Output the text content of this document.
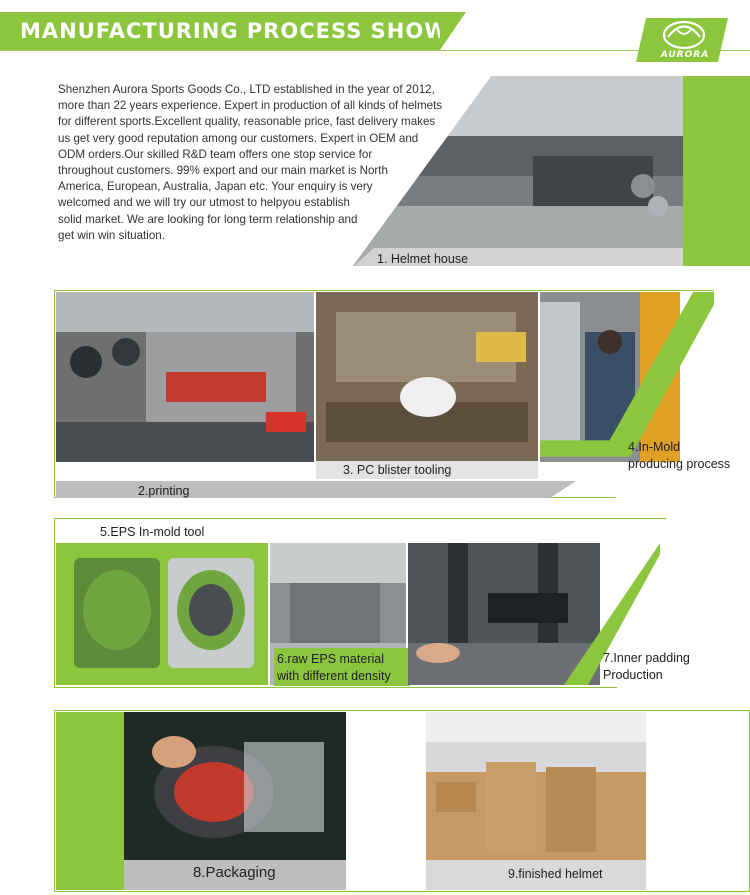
MANUFACTURING PROCESS SHOW
AURORA
Shenzhen Aurora Sports Goods Co., LTD established in the year of 2012,
more than 22 years experience. Expert in production of all kinds of helmets
for different sports.Excellent quality, reasonable price, fast delivery makes
us get very good reputation among our customers. Expert in OEM and
ODM orders.Our skilled R&D team offers one stop service for
throughout customers. 99% export and our main market is North
America, European, Australia, Japan etc. Your enquiry is very
welcomed and we will try our utmost to helpyou establish
solid market. We are looking for long term relationship and
get win win situation.
1. Helmet house
3. PC blister tooling
4.In-Mold
producing process
2.printing
5.EPS In-mold tool
6.raw EPS material
with different density
7.Inner padding
Production
8.Packaging	9.finished helmet
